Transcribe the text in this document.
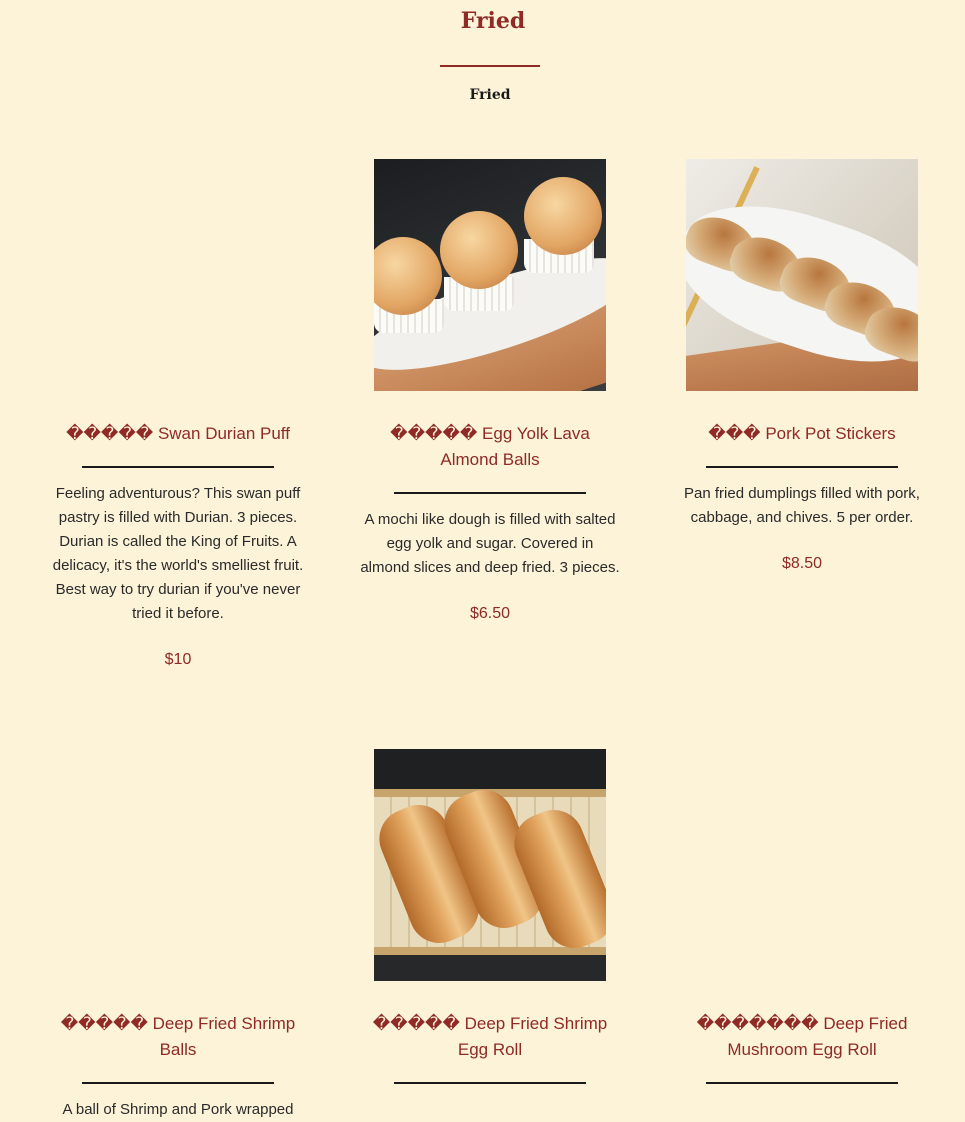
Fried
Fried
����� Swan Durian Puff
Feeling adventurous? This swan puff pastry is filled with Durian. 3 pieces. Durian is called the King of Fruits. A delicacy, it's the world's smelliest fruit. Best way to try durian if you've never tried it before.
$10
����� Egg Yolk Lava Almond Balls
A mochi like dough is filled with salted egg yolk and sugar. Covered in almond slices and deep fried. 3 pieces.
$6.50
��� Pork Pot Stickers
Pan fried dumplings filled with pork, cabbage, and chives. 5 per order.
$8.50
����� Deep Fried Shrimp Balls
A ball of Shrimp and Pork wrapped
����� Deep Fried Shrimp Egg Roll
������� Deep Fried Mushroom Egg Roll
